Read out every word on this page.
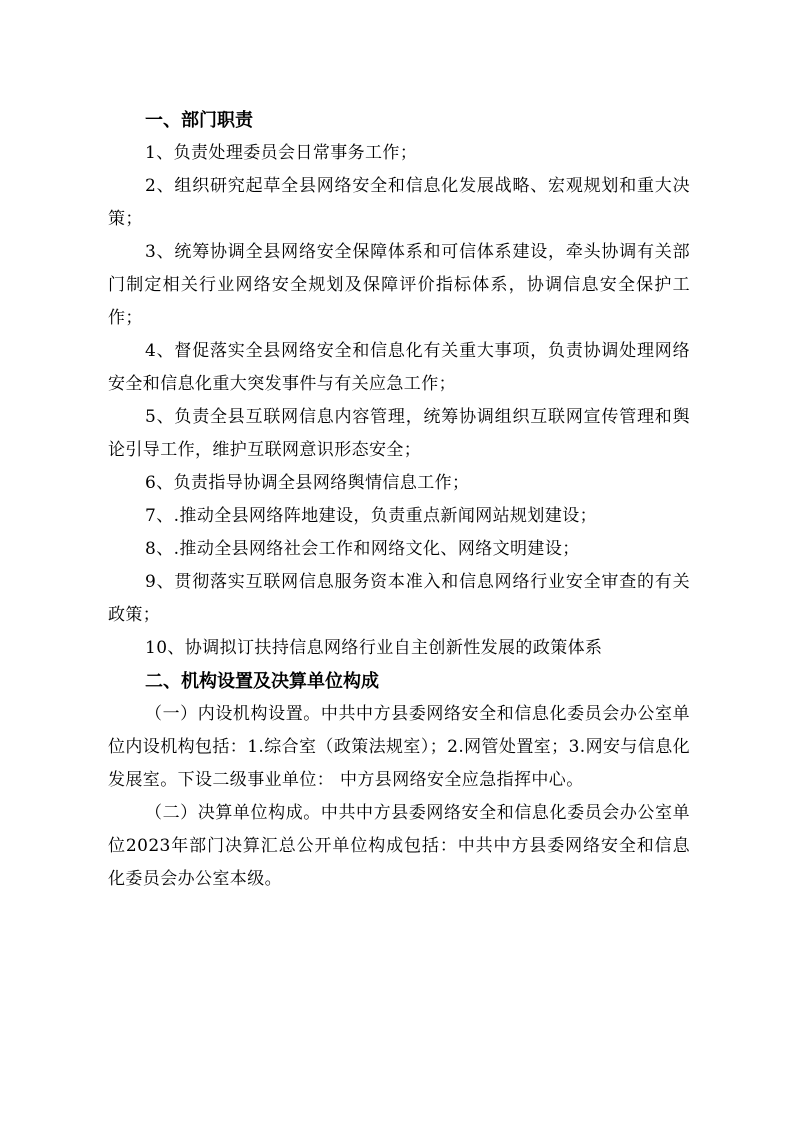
一、部门职责

1、负责处理委员会日常事务工作；

2、组织研究起草全县网络安全和信息化发展战略、宏观规划和重大决策；

3、统筹协调全县网络安全保障体系和可信体系建设，牵头协调有关部门制定相关行业网络安全规划及保障评价指标体系，协调信息安全保护工作；

4、督促落实全县网络安全和信息化有关重大事项，负责协调处理网络安全和信息化重大突发事件与有关应急工作；

5、负责全县互联网信息内容管理，统筹协调组织互联网宣传管理和舆论引导工作，维护互联网意识形态安全；

6、负责指导协调全县网络舆情信息工作；

7、.推动全县网络阵地建设，负责重点新闻网站规划建设；

8、.推动全县网络社会工作和网络文化、网络文明建设；

9、贯彻落实互联网信息服务资本准入和信息网络行业安全审查的有关政策；

10、协调拟订扶持信息网络行业自主创新性发展的政策体系

二、机构设置及决算单位构成

（一）内设机构设置。中共中方县委网络安全和信息化委员会办公室单位内设机构包括：1.综合室（政策法规室）；2.网管处置室；3.网安与信息化发展室。下设二级事业单位： 中方县网络安全应急指挥中心。

（二）决算单位构成。中共中方县委网络安全和信息化委员会办公室单位2023年部门决算汇总公开单位构成包括：中共中方县委网络安全和信息化委员会办公室本级。
